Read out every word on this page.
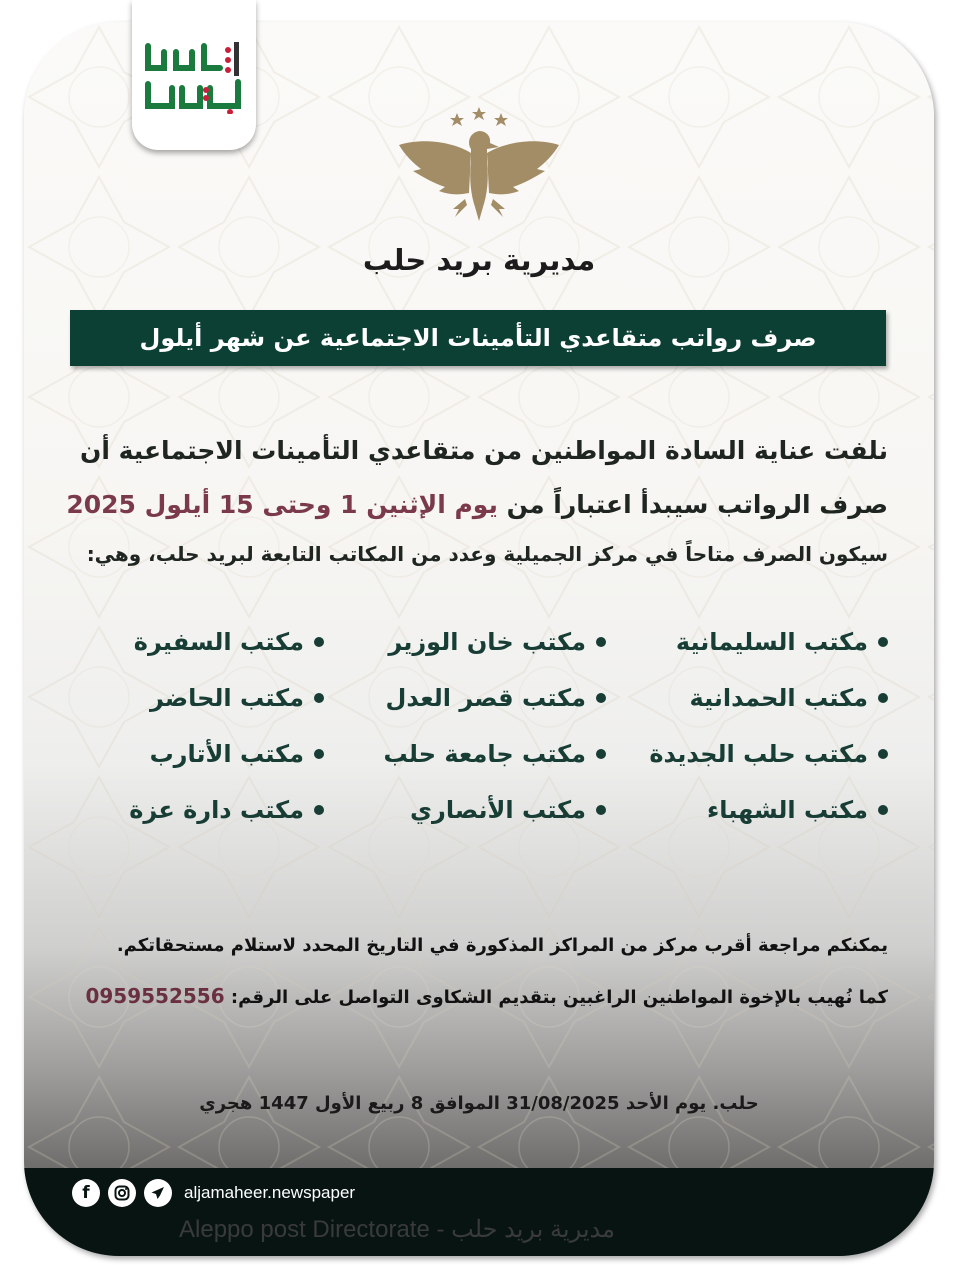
مديرية بريد حلب
صرف رواتب متقاعدي التأمينات الاجتماعية عن شهر أيلول
نلفت عناية السادة المواطنين من متقاعدي التأمينات الاجتماعية أن
صرف الرواتب سيبدأ اعتباراً من يوم الإثنين 1 وحتى 15 أيلول 2025
سيكون الصرف متاحاً في مركز الجميلية وعدد من المكاتب التابعة لبريد حلب، وهي:
مكتب السليمانية
مكتب خان الوزير
مكتب السفيرة
مكتب الحمدانية
مكتب قصر العدل
مكتب الحاضر
مكتب حلب الجديدة
مكتب جامعة حلب
مكتب الأتارب
مكتب الشهباء
مكتب الأنصاري
مكتب دارة عزة
يمكنكم مراجعة أقرب مركز من المراكز المذكورة في التاريخ المحدد لاستلام مستحقاتكم.
كما نُهيب بالإخوة المواطنين الراغبين بتقديم الشكاوى التواصل على الرقم: 0959552556
حلب. يوم الأحد 31/08/2025 الموافق 8 ربيع الأول 1447 هجري
f	aljamaheer.newspaper
Aleppo post Directorate - مديرية بريد حلب
